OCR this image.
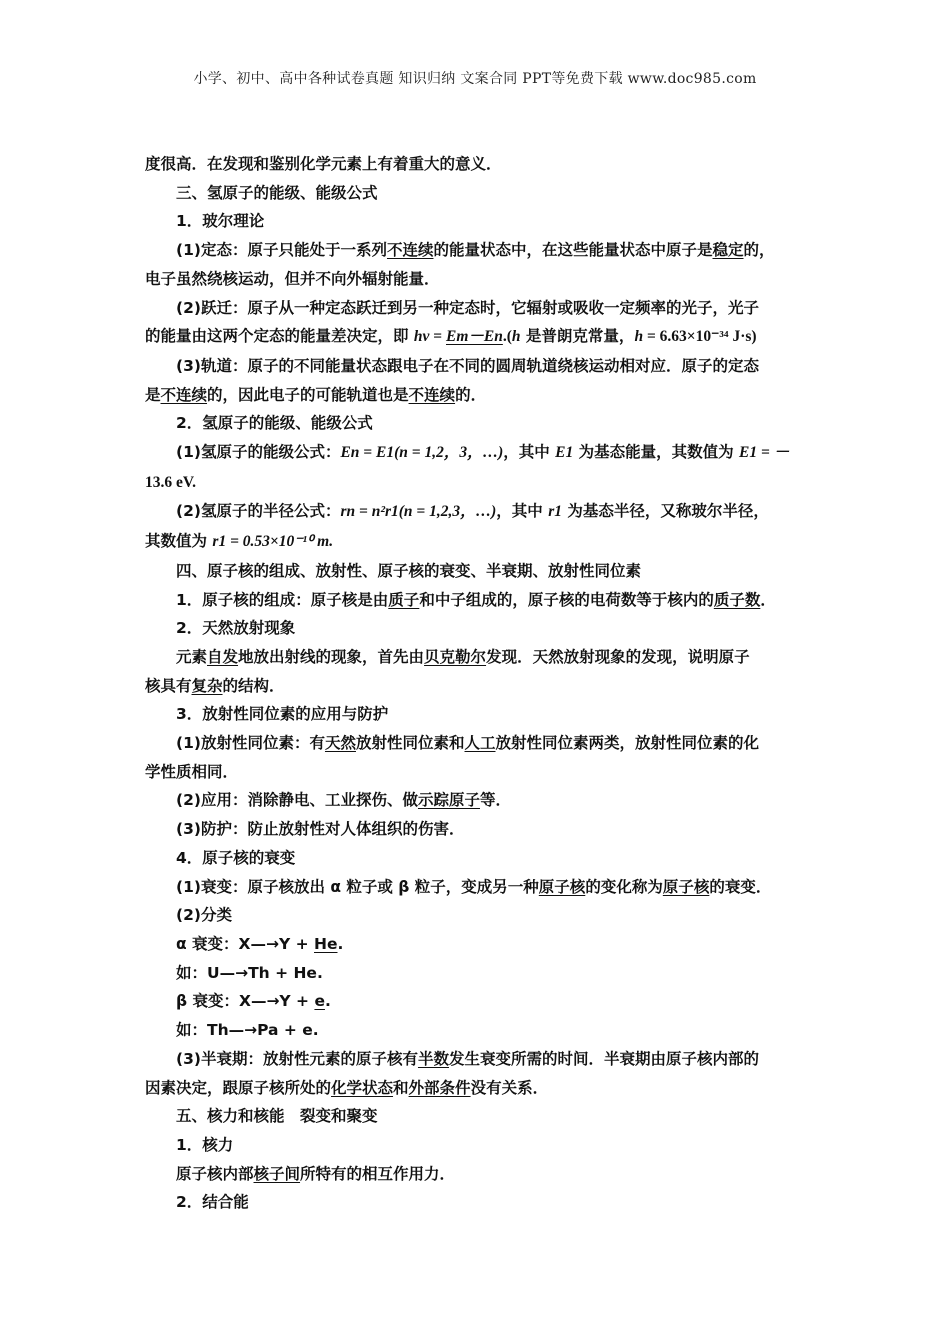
小学、初中、高中各种试卷真题 知识归纳 文案合同 PPT等免费下载 www.doc985.com

度很高．在发现和鉴别化学元素上有着重大的意义．

三、氢原子的能级、能级公式

1．玻尔理论

(1)定态：原子只能处于一系列不连续的能量状态中，在这些能量状态中原子是稳定的，

电子虽然绕核运动，但并不向外辐射能量．

(2)跃迁：原子从一种定态跃迁到另一种定态时，它辐射或吸收一定频率的光子，光子

的能量由这两个定态的能量差决定，即 hν = Em－En.(h 是普朗克常量，h = 6.63×10⁻³⁴ J·s)

(3)轨道：原子的不同能量状态跟电子在不同的圆周轨道绕核运动相对应．原子的定态

是不连续的，因此电子的可能轨道也是不连续的．

2．氢原子的能级、能级公式

(1)氢原子的能级公式：En = E1(n = 1,2，3，…)，其中 E1 为基态能量，其数值为 E1 = －

13.6 eV.

(2)氢原子的半径公式：rn = n²r1(n = 1,2,3，…)，其中 r1 为基态半径，又称玻尔半径，

其数值为 r1 = 0.53×10⁻¹⁰ m.

四、原子核的组成、放射性、原子核的衰变、半衰期、放射性同位素

1．原子核的组成：原子核是由质子和中子组成的，原子核的电荷数等于核内的质子数．

2．天然放射现象

元素自发地放出射线的现象，首先由贝克勒尔发现．天然放射现象的发现，说明原子

核具有复杂的结构．

3．放射性同位素的应用与防护

(1)放射性同位素：有天然放射性同位素和人工放射性同位素两类，放射性同位素的化

学性质相同．

(2)应用：消除静电、工业探伤、做示踪原子等．

(3)防护：防止放射性对人体组织的伤害．

4．原子核的衰变

(1)衰变：原子核放出 α 粒子或 β 粒子，变成另一种原子核的变化称为原子核的衰变．

(2)分类

α 衰变：X—→Y + He.

如：U—→Th + He.

β 衰变：X—→Y + e.

如：Th—→Pa + e.

(3)半衰期：放射性元素的原子核有半数发生衰变所需的时间．半衰期由原子核内部的

因素决定，跟原子核所处的化学状态和外部条件没有关系．

五、核力和核能　裂变和聚变

1．核力

原子核内部核子间所特有的相互作用力．

2．结合能
